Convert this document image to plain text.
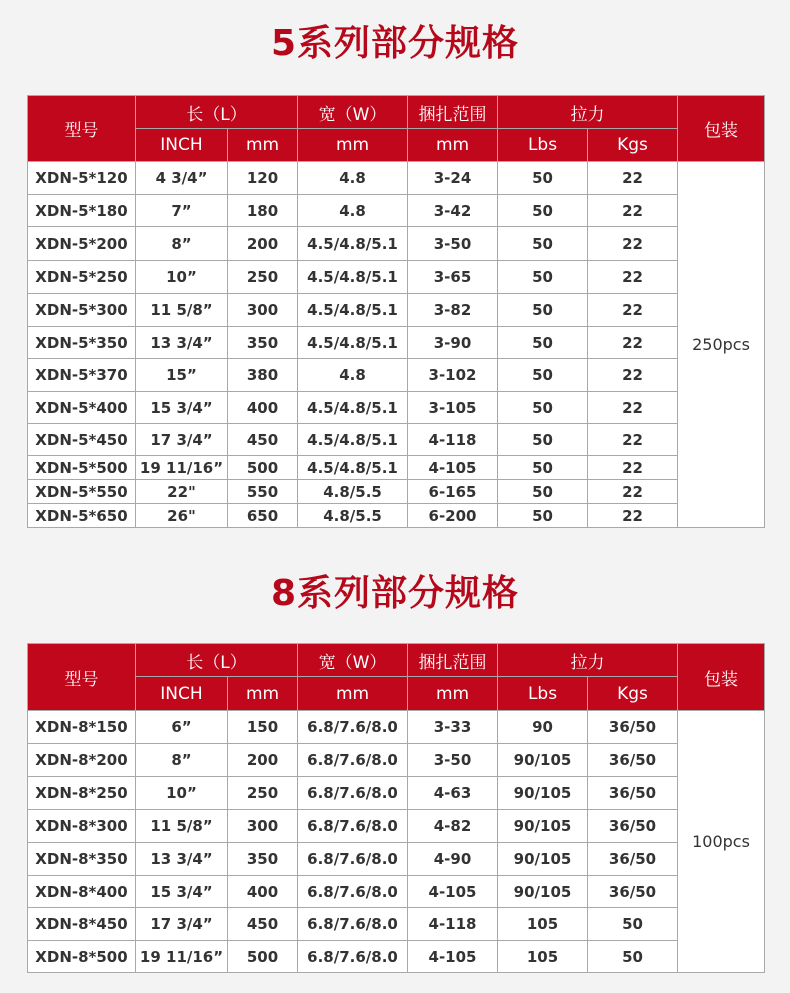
5系列部分规格
型号	长（L）		宽（W）	捆扎范围	拉力		包装
	INCH	mm	mm	mm	Lbs	Kgs	
XDN-5*120	4 3/4”	120	4.8	3-24	50	22	250pcs
XDN-5*180	7”	180	4.8	3-42	50	22	
XDN-5*200	8”	200	4.5/4.8/5.1	3-50	50	22	
XDN-5*250	10”	250	4.5/4.8/5.1	3-65	50	22	
XDN-5*300	11 5/8”	300	4.5/4.8/5.1	3-82	50	22	
XDN-5*350	13 3/4”	350	4.5/4.8/5.1	3-90	50	22	
XDN-5*370	15”	380	4.8	3-102	50	22	
XDN-5*400	15 3/4”	400	4.5/4.8/5.1	3-105	50	22	
XDN-5*450	17 3/4”	450	4.5/4.8/5.1	4-118	50	22	
XDN-5*500	19 11/16”	500	4.5/4.8/5.1	4-105	50	22	
XDN-5*550	22"	550	4.8/5.5	6-165	50	22	
XDN-5*650	26"	650	4.8/5.5	6-200	50	22	
8系列部分规格
型号	长（L）		宽（W）	捆扎范围	拉力		包装
	INCH	mm	mm	mm	Lbs	Kgs	
XDN-8*150	6”	150	6.8/7.6/8.0	3-33	90	36/50	100pcs
XDN-8*200	8”	200	6.8/7.6/8.0	3-50	90/105	36/50	
XDN-8*250	10”	250	6.8/7.6/8.0	4-63	90/105	36/50	
XDN-8*300	11 5/8”	300	6.8/7.6/8.0	4-82	90/105	36/50	
XDN-8*350	13 3/4”	350	6.8/7.6/8.0	4-90	90/105	36/50	
XDN-8*400	15 3/4”	400	6.8/7.6/8.0	4-105	90/105	36/50	
XDN-8*450	17 3/4”	450	6.8/7.6/8.0	4-118	105	50	
XDN-8*500	19 11/16”	500	6.8/7.6/8.0	4-105	105	50	
